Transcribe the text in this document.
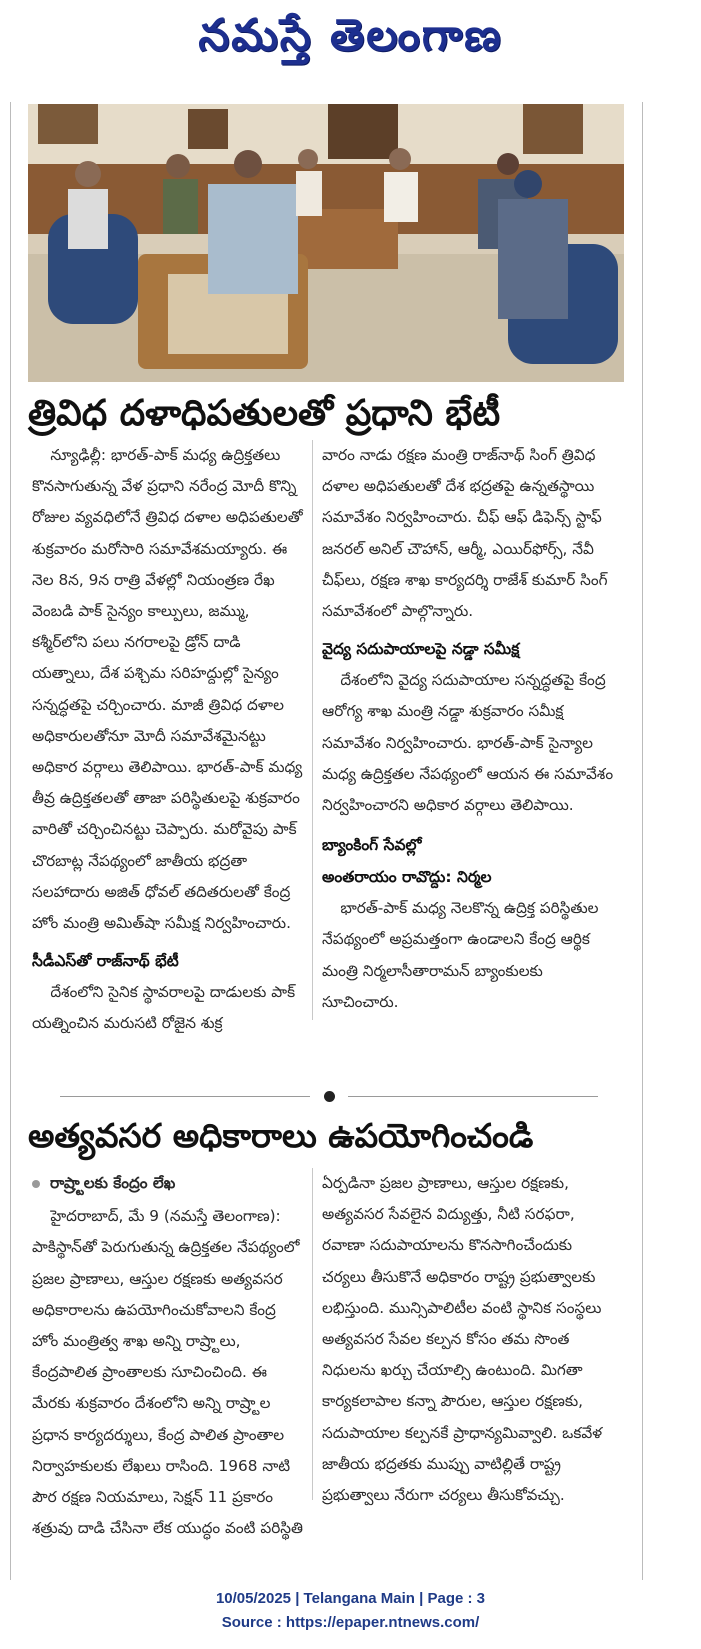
నమస్తే తెలంగాణ
త్రివిధ దళాధిపతులతో ప్రధాని భేటీ

న్యూఢిల్లీ: భారత్-పాక్ మధ్య ఉద్రిక్తతలు కొనసాగుతున్న వేళ ప్రధాని నరేంద్ర మోదీ కొన్ని రోజుల వ్యవధిలోనే త్రివిధ దళాల అధిపతులతో శుక్రవారం మరోసారి సమావేశమయ్యారు. ఈ నెల 8న, 9న రాత్రి వేళల్లో నియంత్రణ రేఖ వెంబడి పాక్ సైన్యం కాల్పులు, జమ్ము, కశ్మీర్‌లోని పలు నగరాలపై డ్రోన్ దాడి యత్నాలు, దేశ పశ్చిమ సరిహద్దుల్లో సైన్యం సన్నద్ధతపై చర్చించారు. మాజీ త్రివిధ దళాల అధికారులతోనూ మోదీ సమావేశమైనట్టు అధికార వర్గాలు తెలిపాయి. భారత్-పాక్ మధ్య తీవ్ర ఉద్రిక్తతలతో తాజా పరిస్థితులపై శుక్రవారం వారితో చర్చించినట్టు చెప్పారు. మరోవైపు పాక్ చొరబాట్ల నేపథ్యంలో జాతీయ భద్రతా సలహాదారు అజిత్ ధోవల్ తదితరులతో కేంద్ర హోం మంత్రి అమిత్‌షా సమీక్ష నిర్వహించారు.

సీడీఎస్‌తో రాజ్‌నాథ్ భేటీ

దేశంలోని సైనిక స్థావరాలపై దాడులకు పాక్ యత్నించిన మరుసటి రోజైన శుక్ర

వారం నాడు రక్షణ మంత్రి రాజ్‌నాథ్ సింగ్ త్రివిధ దళాల అధిపతులతో దేశ భద్రతపై ఉన్నతస్థాయి సమావేశం నిర్వహించారు. చీఫ్ ఆఫ్ డిఫెన్స్ స్టాఫ్ జనరల్ అనిల్ చౌహాన్, ఆర్మీ, ఎయిర్‌ఫోర్స్, నేవీ చీఫ్‌లు, రక్షణ శాఖ కార్యదర్శి రాజేశ్ కుమార్ సింగ్ సమావేశంలో పాల్గొన్నారు.

వైద్య సదుపాయాలపై నడ్డా సమీక్ష

దేశంలోని వైద్య సదుపాయాల సన్నద్ధతపై కేంద్ర ఆరోగ్య శాఖ మంత్రి నడ్డా శుక్రవారం సమీక్ష సమావేశం నిర్వహించారు. భారత్-పాక్ సైన్యాల మధ్య ఉద్రిక్తతల నేపథ్యంలో ఆయన ఈ సమావేశం నిర్వహించారని అధికార వర్గాలు తెలిపాయి.

బ్యాంకింగ్ సేవల్లో
అంతరాయం రావొద్దు: నిర్మల

భారత్-పాక్ మధ్య నెలకొన్న ఉద్రిక్త పరిస్థితుల నేపథ్యంలో అప్రమత్తంగా ఉండాలని కేంద్ర ఆర్థిక మంత్రి నిర్మలాసీతారామన్ బ్యాంకులకు సూచించారు.

అత్యవసర అధికారాలు ఉపయోగించండి
రాష్ర్టాలకు కేంద్రం లేఖ

హైదరాబాద్, మే 9 (నమస్తే తెలంగాణ): పాకిస్థాన్‌తో పెరుగుతున్న ఉద్రిక్తతల నేపథ్యంలో ప్రజల ప్రాణాలు, ఆస్తుల రక్షణకు అత్యవసర అధికారాలను ఉపయోగించుకోవాలని కేంద్ర హోం మంత్రిత్వ శాఖ అన్ని రాష్ర్టాలు, కేంద్రపాలిత ప్రాంతాలకు సూచించింది. ఈ మేరకు శుక్రవారం దేశంలోని అన్ని రాష్ర్టాల ప్రధాన కార్యదర్శులు, కేంద్ర పాలిత ప్రాంతాల నిర్వాహకులకు లేఖలు రాసింది. 1968 నాటి పౌర రక్షణ నియమాలు, సెక్షన్ 11 ప్రకారం శత్రువు దాడి చేసినా లేక యుద్ధం వంటి పరిస్థితి

ఏర్పడినా ప్రజల ప్రాణాలు, ఆస్తుల రక్షణకు, అత్యవసర సేవలైన విద్యుత్తు, నీటి సరఫరా, రవాణా సదుపాయాలను కొనసాగించేందుకు చర్యలు తీసుకొనే అధికారం రాష్ట్ర ప్రభుత్వాలకు లభిస్తుంది. మున్సిపాలిటీల వంటి స్థానిక సంస్థలు అత్యవసర సేవల కల్పన కోసం తమ సొంత నిధులను ఖర్చు చేయాల్సి ఉంటుంది. మిగతా కార్యకలాపాల కన్నా పౌరుల, ఆస్తుల రక్షణకు, సదుపాయాల కల్పనకే ప్రాధాన్యమివ్వాలి. ఒకవేళ జాతీయ భద్రతకు ముప్పు వాటిల్లితే రాష్ట్ర ప్రభుత్వాలు నేరుగా చర్యలు తీసుకోవచ్చు.

10/05/2025 | Telangana Main | Page : 3
Source : https://epaper.ntnews.com/
